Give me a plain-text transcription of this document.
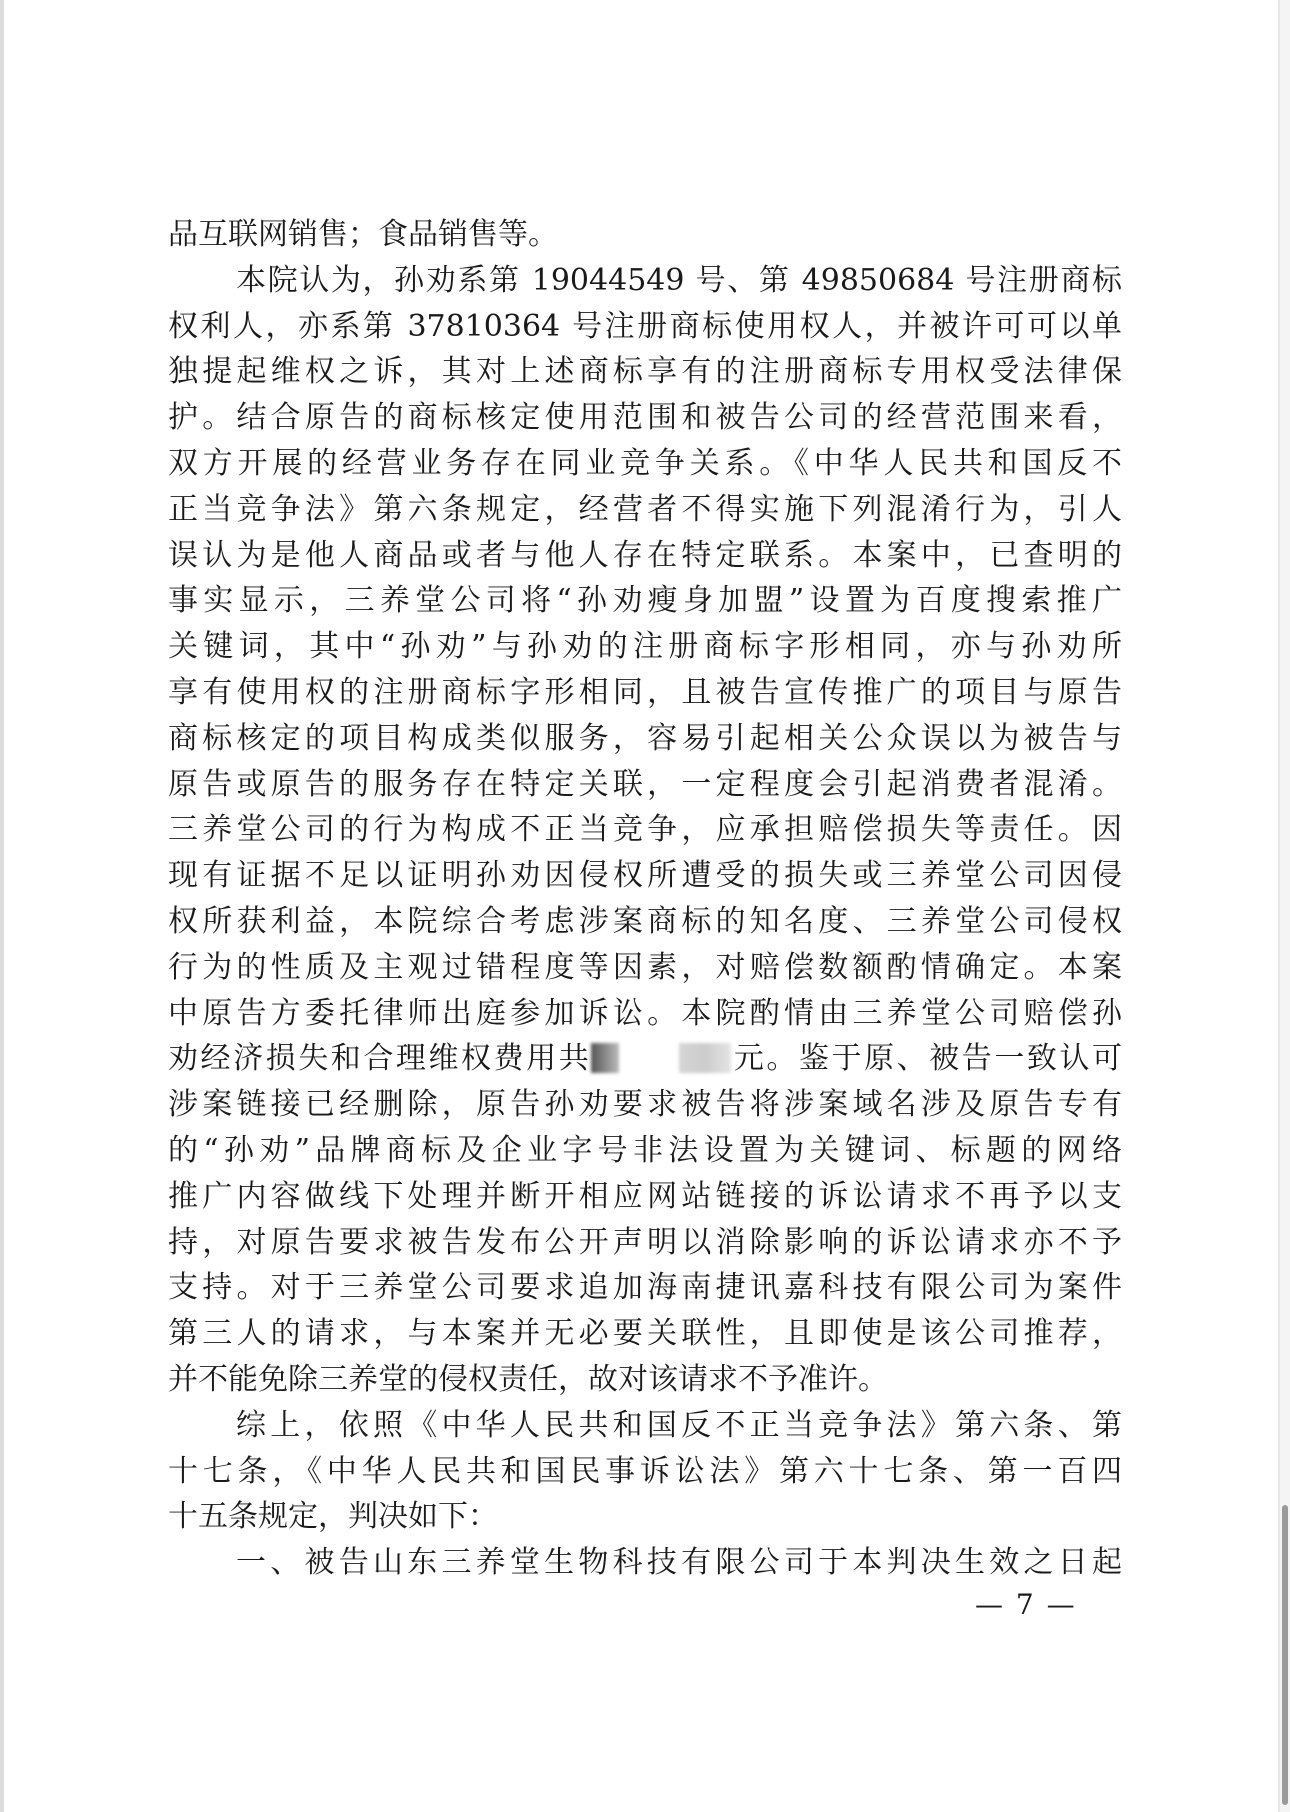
品互联网销售；食品销售等。
本院认为，孙劝系第 19044549 号、第 49850684 号注册商标
权利人，亦系第 37810364 号注册商标使用权人，并被许可可以单
独提起维权之诉，其对上述商标享有的注册商标专用权受法律保
护。结合原告的商标核定使用范围和被告公司的经营范围来看，
双方开展的经营业务存在同业竞争关系。《中华人民共和国反不
正当竞争法》第六条规定，经营者不得实施下列混淆行为，引人
误认为是他人商品或者与他人存在特定联系。本案中，已查明的
事实显示，三养堂公司将“孙劝瘦身加盟”设置为百度搜索推广
关键词，其中“孙劝”与孙劝的注册商标字形相同，亦与孙劝所
享有使用权的注册商标字形相同，且被告宣传推广的项目与原告
商标核定的项目构成类似服务，容易引起相关公众误以为被告与
原告或原告的服务存在特定关联，一定程度会引起消费者混淆。
三养堂公司的行为构成不正当竞争，应承担赔偿损失等责任。因
现有证据不足以证明孙劝因侵权所遭受的损失或三养堂公司因侵
权所获利益，本院综合考虑涉案商标的知名度、三养堂公司侵权
行为的性质及主观过错程度等因素，对赔偿数额酌情确定。本案
中原告方委托律师出庭参加诉讼。本院酌情由三养堂公司赔偿孙
劝经济损失和合理维权费用共	元。鉴于原、被告一致认可
涉案链接已经删除，原告孙劝要求被告将涉案域名涉及原告专有
的“孙劝”品牌商标及企业字号非法设置为关键词、标题的网络
推广内容做线下处理并断开相应网站链接的诉讼请求不再予以支
持，对原告要求被告发布公开声明以消除影响的诉讼请求亦不予
支持。对于三养堂公司要求追加海南捷讯嘉科技有限公司为案件
第三人的请求，与本案并无必要关联性，且即使是该公司推荐，
并不能免除三养堂的侵权责任，故对该请求不予准许。
综上，依照《中华人民共和国反不正当竞争法》第六条、第
十七条，《中华人民共和国民事诉讼法》第六十七条、第一百四
十五条规定，判决如下：
一、被告山东三养堂生物科技有限公司于本判决生效之日起
— 7 —
